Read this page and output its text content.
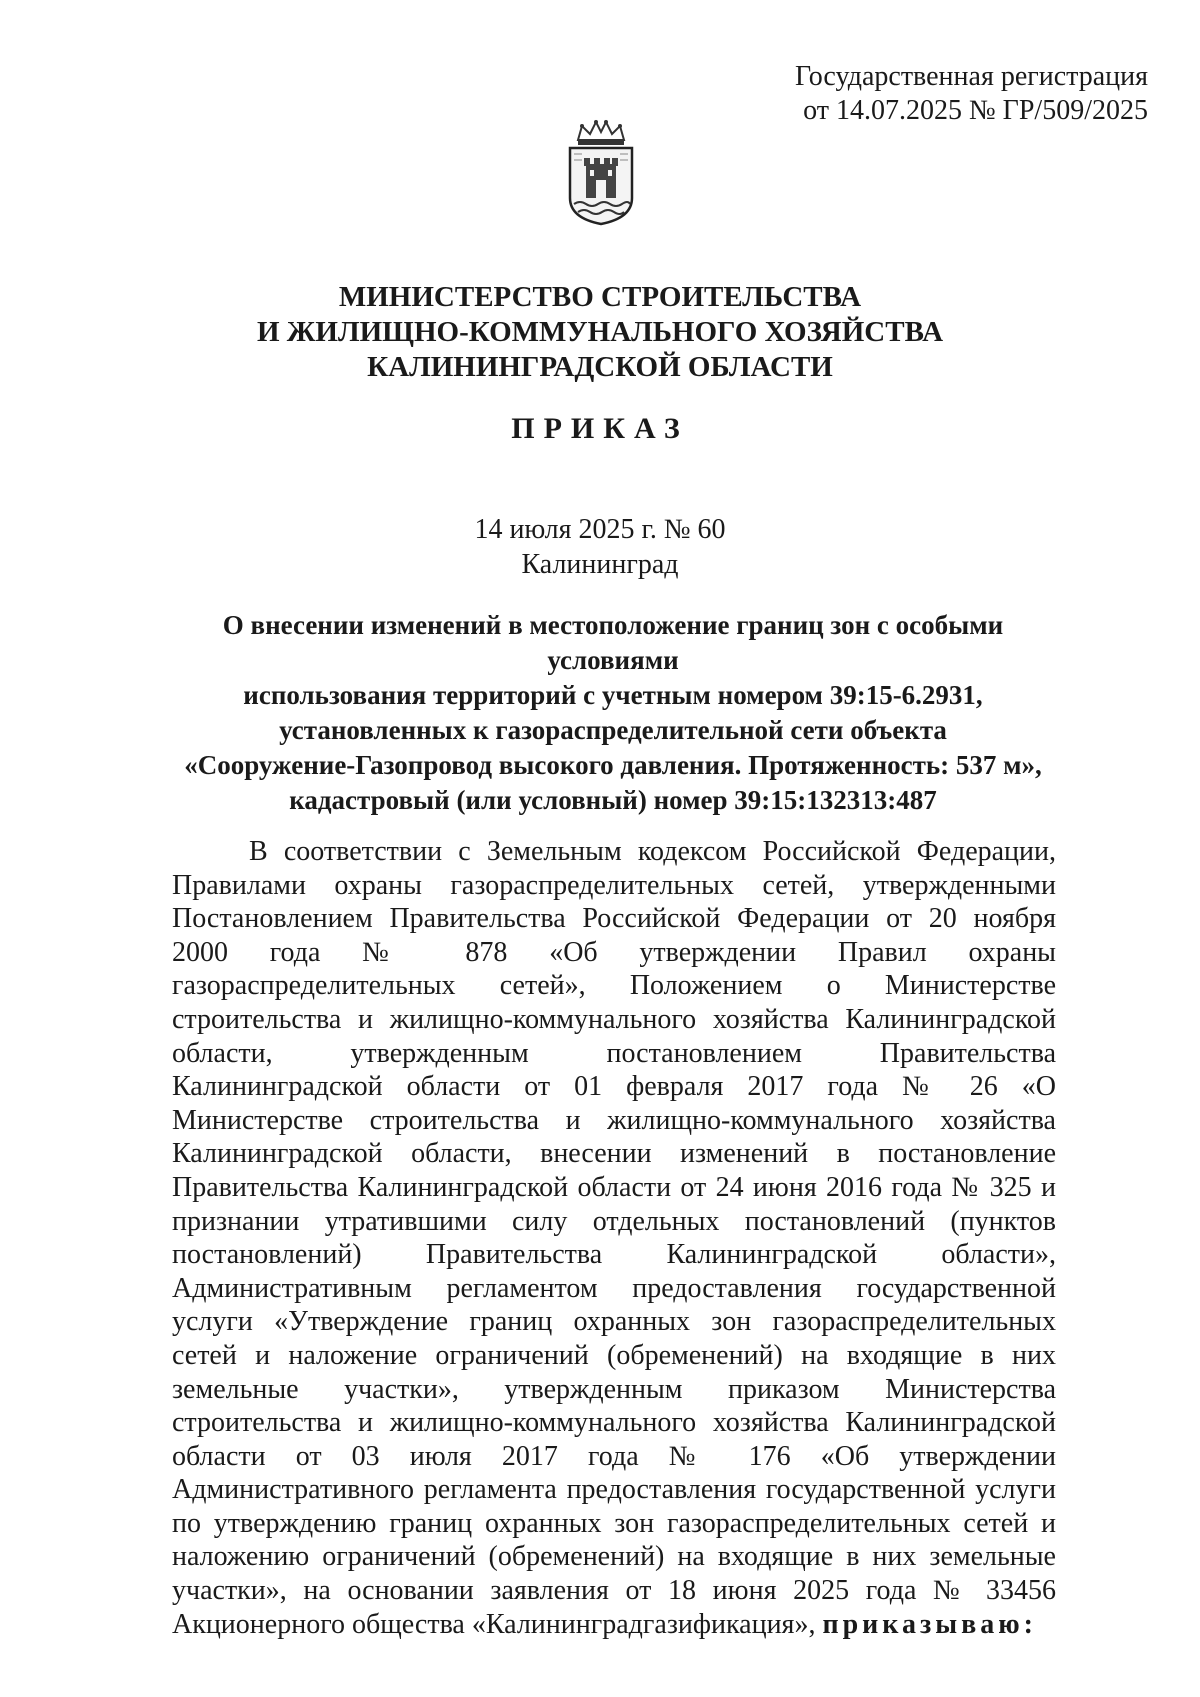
Государственная регистрация
от 14.07.2025 № ГР/509/2025
МИНИСТЕРСТВО СТРОИТЕЛЬСТВА
И ЖИЛИЩНО-КОММУНАЛЬНОГО ХОЗЯЙСТВА
КАЛИНИНГРАДСКОЙ ОБЛАСТИ
ПРИКАЗ
14 июля 2025 г. № 60
Калининград
О внесении изменений в местоположение границ зон с особыми условиями
использования территорий с учетным номером 39:15-6.2931,
установленных к газораспределительной сети объекта
«Сооружение-Газопровод высокого давления. Протяженность: 537 м»,
кадастровый (или условный) номер 39:15:132313:487

В соответствии с Земельным кодексом Российской Федерации, Правилами охраны газораспределительных сетей, утвержденными Постановлением Правительства Российской Федерации от 20 ноября 2000 года № 878 «Об утверждении Правил охраны газораспределительных сетей», Положением о Министерстве строительства и жилищно-коммунального хозяйства Калининградской области, утвержденным постановлением Правительства Калининградской области от 01 февраля 2017 года № 26 «О Министерстве строительства и жилищно-коммунального хозяйства Калининградской области, внесении изменений в постановление Правительства Калининградской области от 24 июня 2016 года № 325 и признании утратившими силу отдельных постановлений (пунктов постановлений) Правительства Калининградской области», Административным регламентом предоставления государственной услуги «Утверждение границ охранных зон газораспределительных сетей и наложение ограничений (обременений) на входящие в них земельные участки», утвержденным приказом Министерства строительства и жилищно-коммунального хозяйства Калининградской области от 03 июля 2017 года № 176 «Об утверждении Административного регламента предоставления государственной услуги по утверждению границ охранных зон газораспределительных сетей и наложению ограничений (обременений) на входящие в них земельные участки», на основании заявления от 18 июня 2025 года № 33456 Акционерного общества «Калининградгазификация», приказываю:
